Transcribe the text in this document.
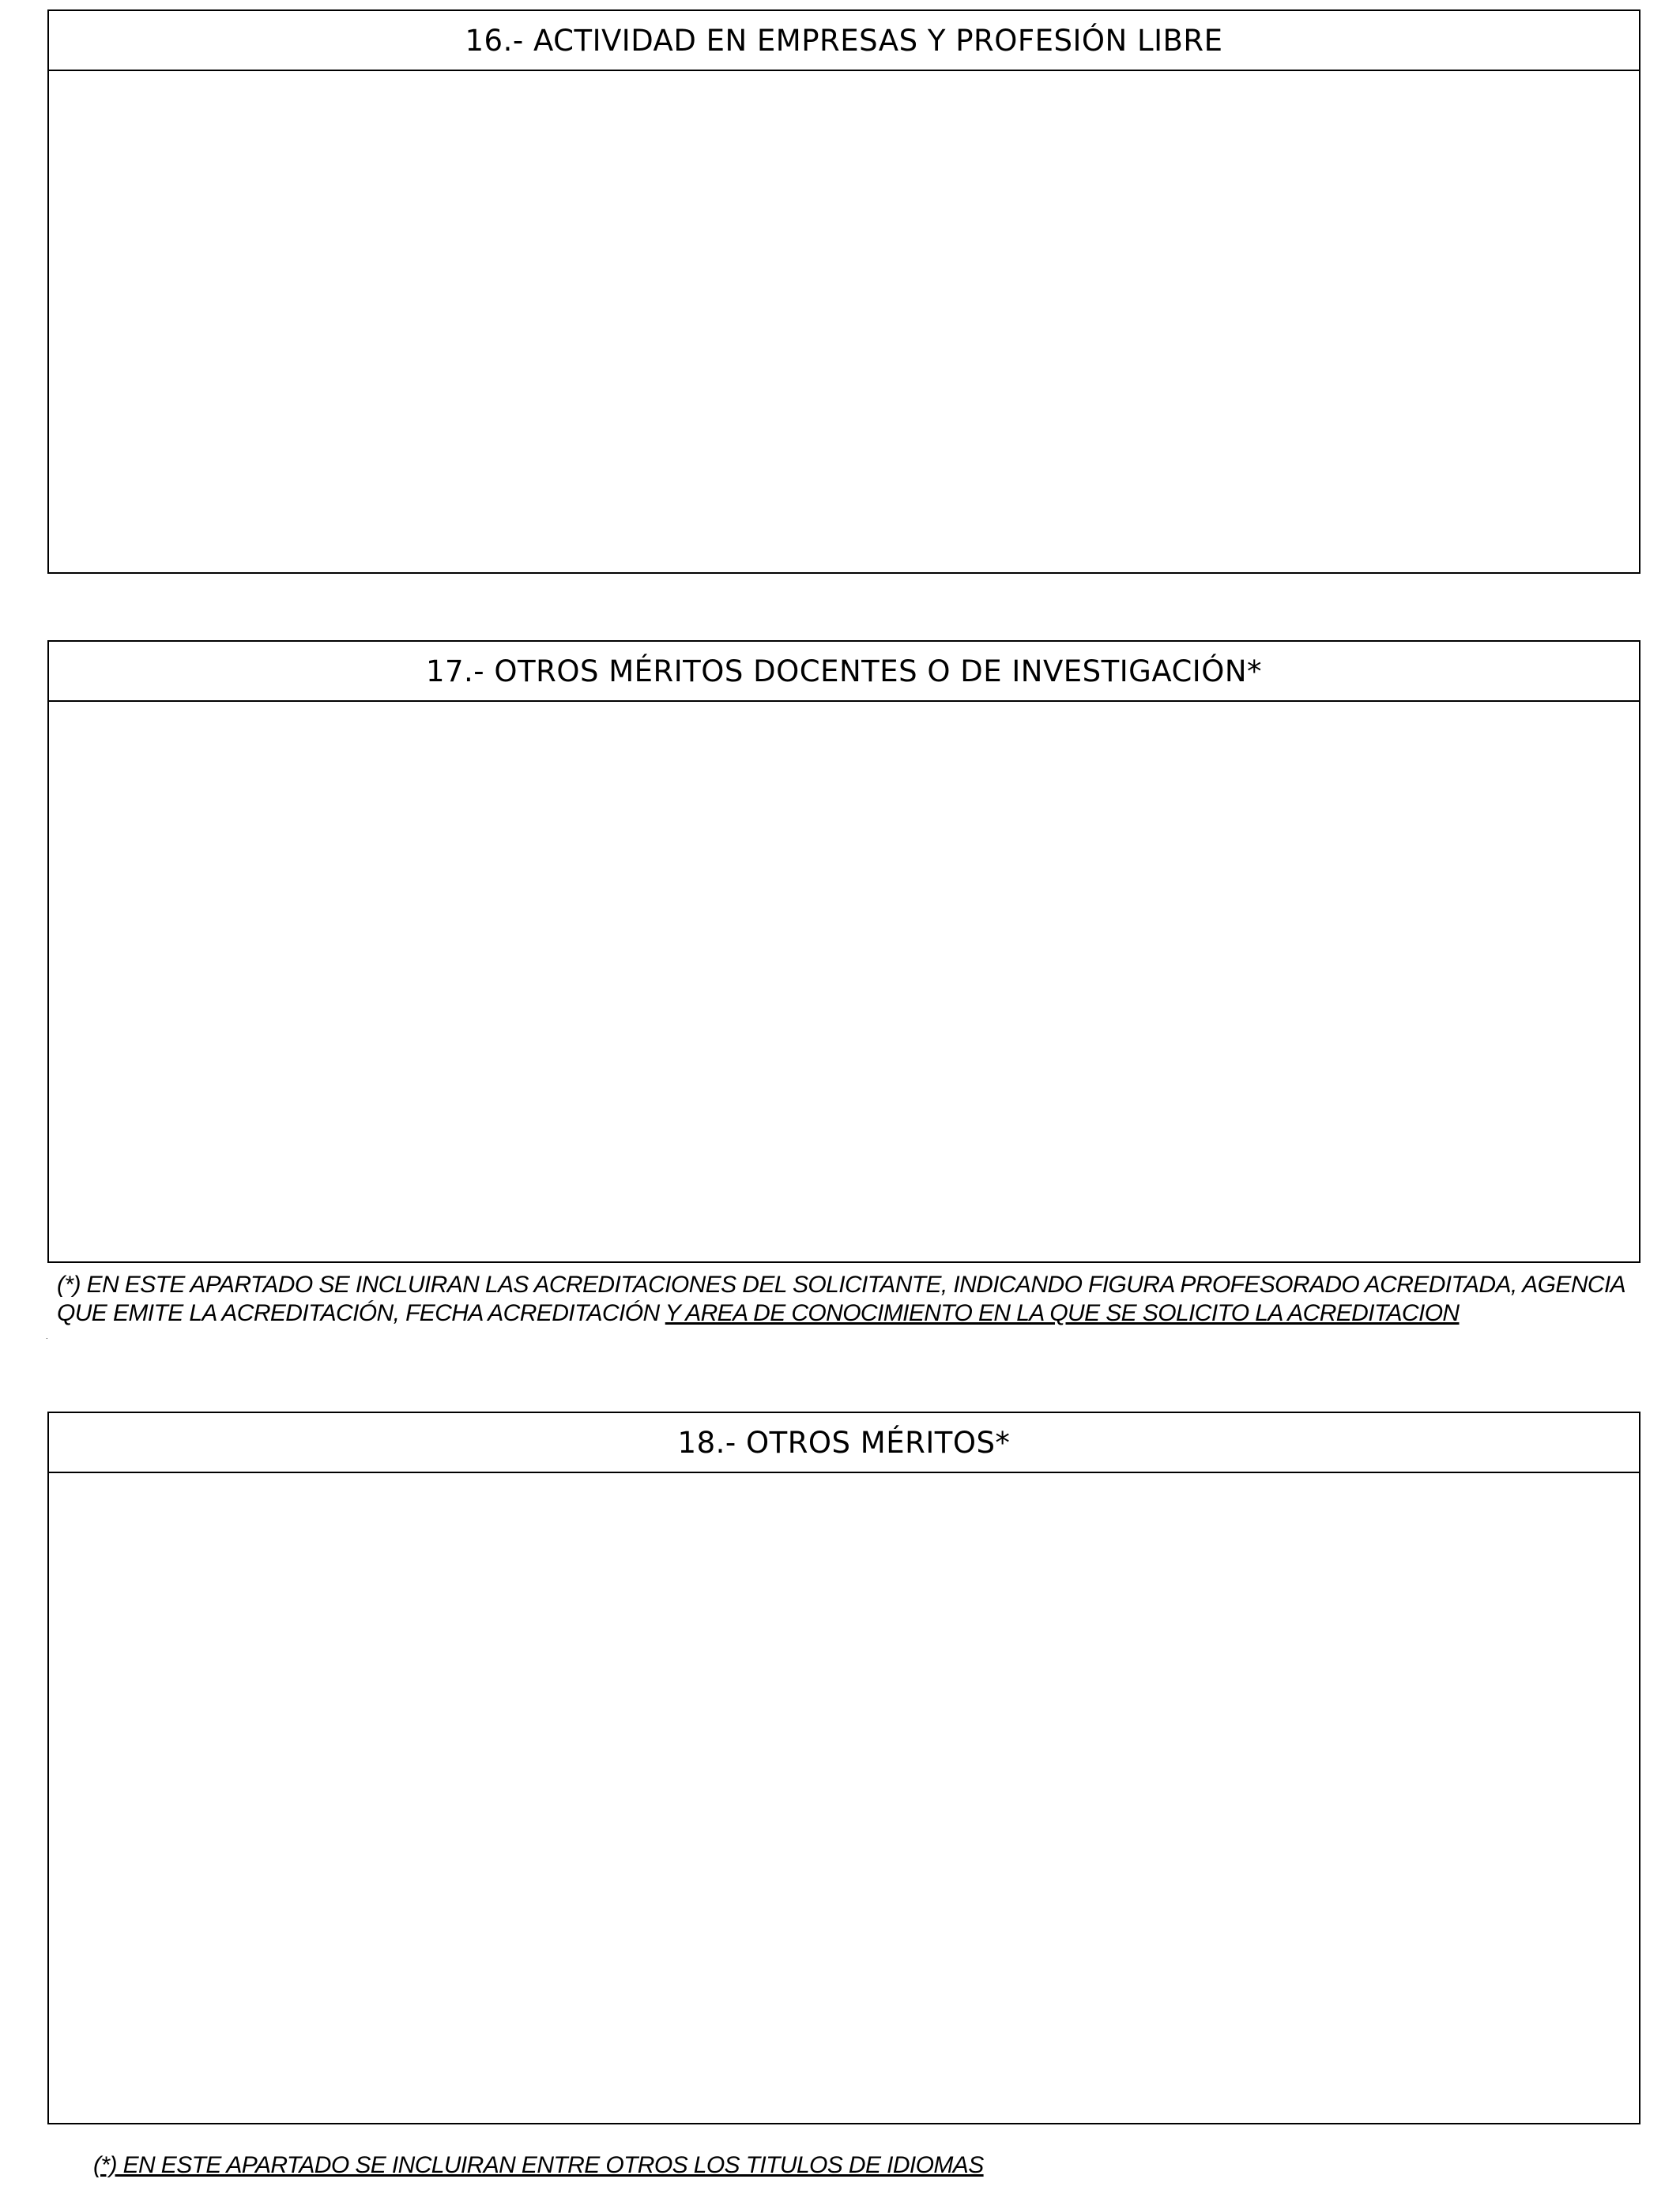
16.- ACTIVIDAD EN EMPRESAS Y PROFESIÓN LIBRE
17.- OTROS MÉRITOS DOCENTES O DE INVESTIGACIÓN*
(*) EN ESTE APARTADO SE INCLUIRAN LAS ACREDITACIONES DEL SOLICITANTE, INDICANDO FIGURA PROFESORADO ACREDITADA, AGENCIA QUE EMITE LA ACREDITACIÓN, FECHA ACREDITACIÓN Y AREA DE CONOCIMIENTO EN LA QUE SE SOLICITO LA ACREDITACION
.
18.- OTROS MÉRITOS*
(*) EN ESTE APARTADO SE INCLUIRAN ENTRE OTROS LOS TITULOS DE IDIOMAS
